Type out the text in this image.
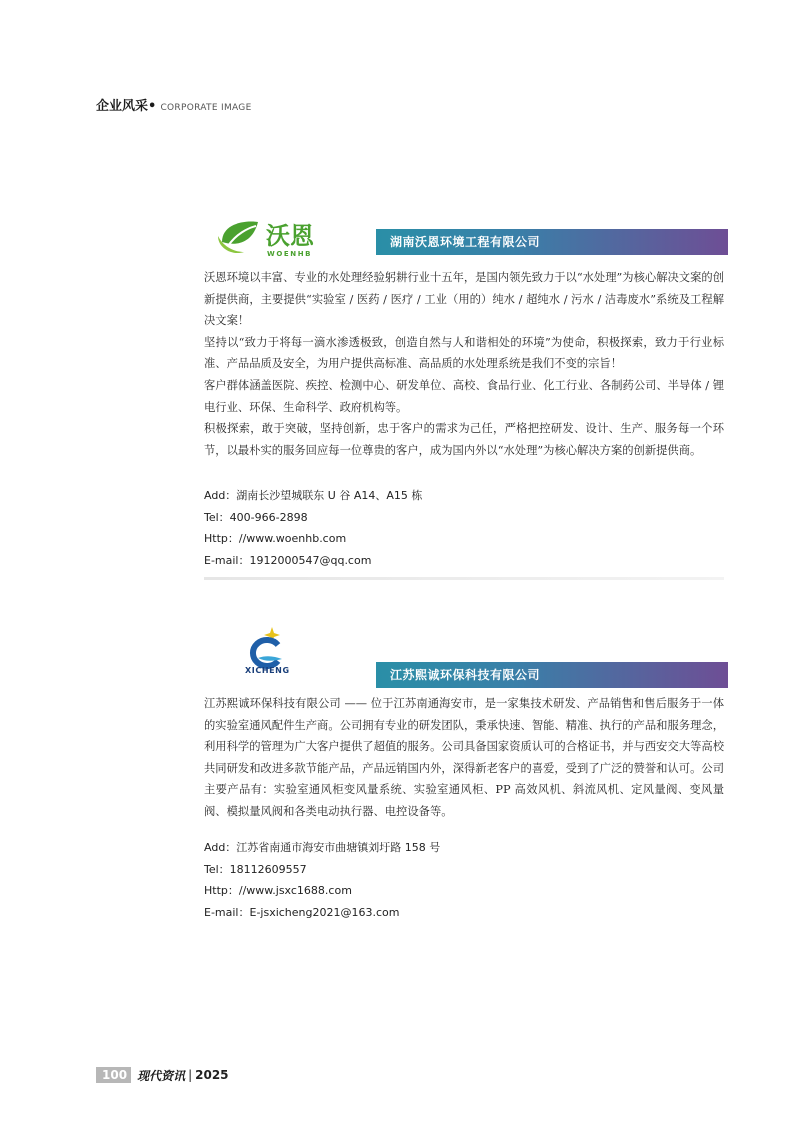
企业风采• CORPORATE IMAGE
沃恩
WOENHB
湖南沃恩环境工程有限公司

沃恩环境以丰富、专业的水处理经验躬耕行业十五年，是国内领先致力于以“水处理”为核心解决文案的创新提供商，主要提供“实验室 / 医药 / 医疗 / 工业（用的）纯水 / 超纯水 / 污水 / 洁毒废水”系统及工程解决文案！

坚持以“致力于将每一滴水渗透极致，创造自然与人和谐相处的环境”为使命，积极探索，致力于行业标准、产品品质及安全，为用户提供高标准、高品质的水处理系统是我们不变的宗旨！

客户群体涵盖医院、疾控、检测中心、研发单位、高校、食品行业、化工行业、各制药公司、半导体 / 锂电行业、环保、生命科学、政府机构等。

积极探索，敢于突破，坚持创新，忠于客户的需求为己任，严格把控研发、设计、生产、服务每一个环节，以最朴实的服务回应每一位尊贵的客户，成为国内外以“水处理”为核心解决方案的创新提供商。

Add：湖南长沙望城联东 U 谷 A14、A15 栋
Tel：400-966-2898
Http：//www.woenhb.com
E-mail：1912000547@qq.com
XICHENG	江苏熙诚环保科技有限公司

江苏熙诚环保科技有限公司 —— 位于江苏南通海安市，是一家集技术研发、产品销售和售后服务于一体的实验室通风配件生产商。公司拥有专业的研发团队，秉承快速、智能、精准、执行的产品和服务理念，利用科学的管理为广大客户提供了超值的服务。公司具备国家资质认可的合格证书，并与西安交大等高校共同研发和改进多款节能产品，产品远销国内外，深得新老客户的喜爱，受到了广泛的赞誉和认可。公司主要产品有：实验室通风柜变风量系统、实验室通风柜、PP 高效风机、斜流风机、定风量阀、变风量阀、模拟量风阀和各类电动执行器、电控设备等。

Add：江苏省南通市海安市曲塘镇刘圩路 158 号
Tel：18112609557
Http：//www.jsxc1688.com
E-mail：E-jsxicheng2021@163.com
100 现代资讯 | 2025
